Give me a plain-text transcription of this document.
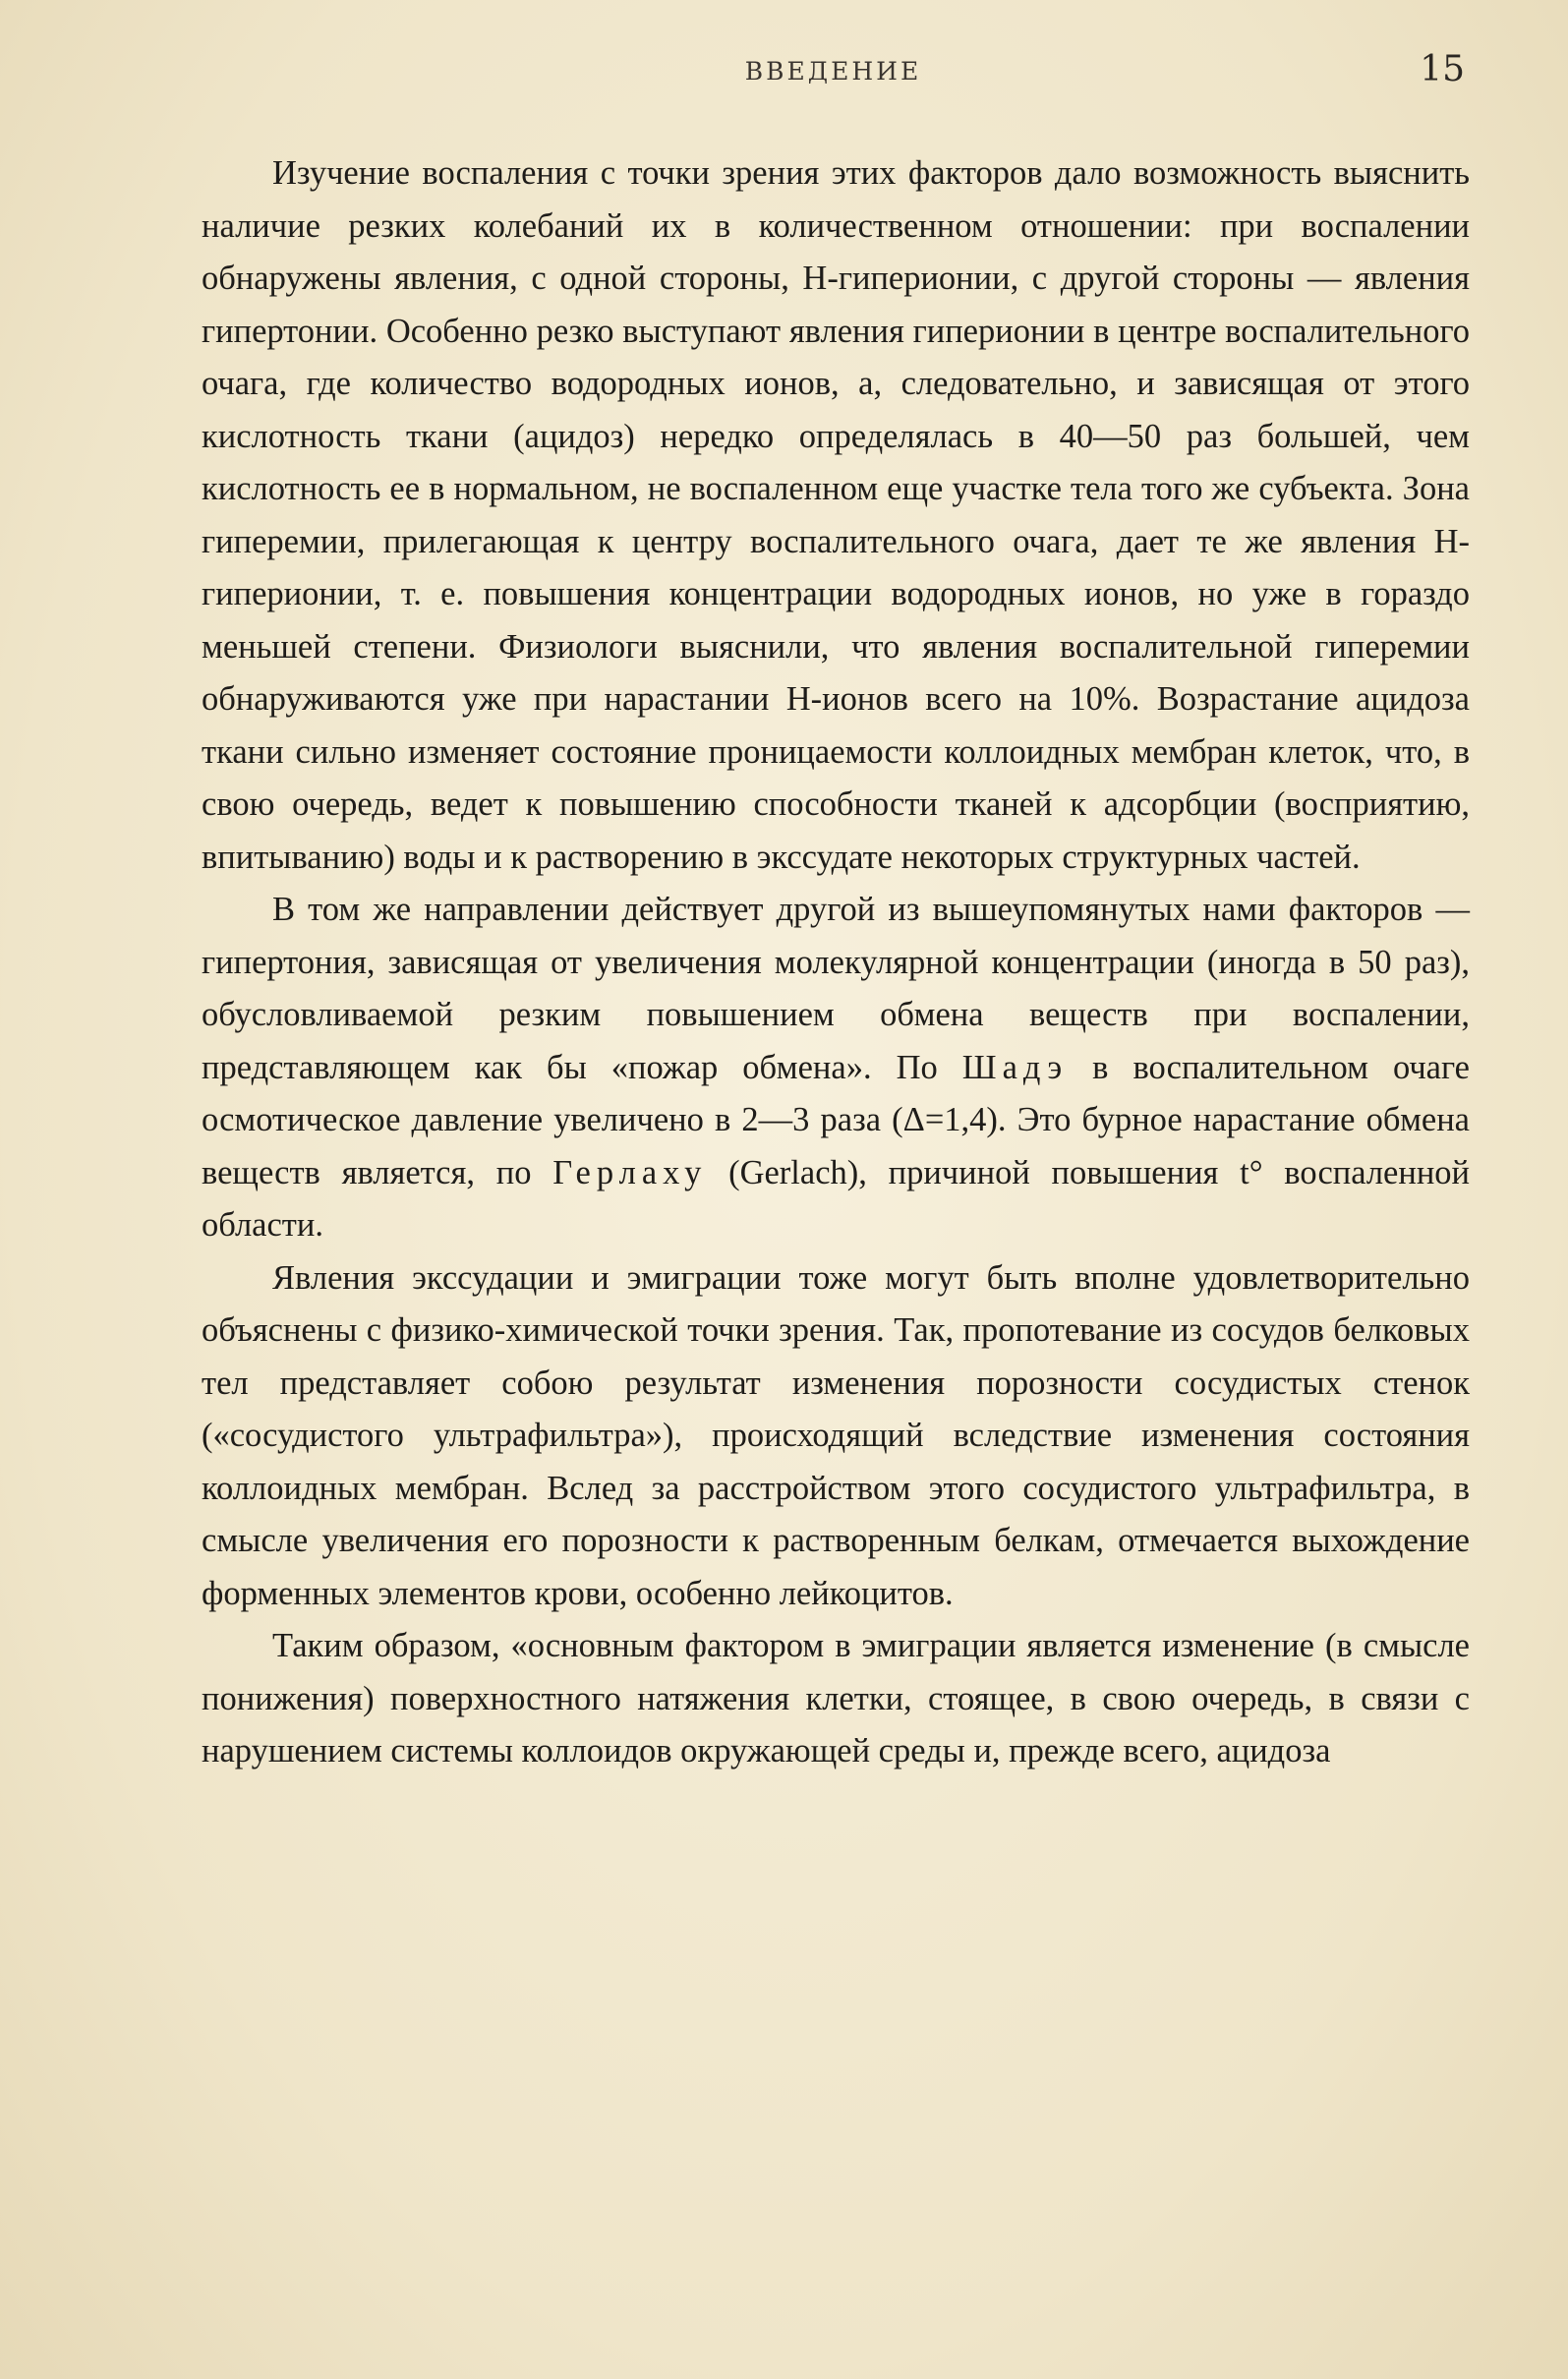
ВВЕДЕНИЕ	15

Изучение воспаления с точки зрения этих факторов дало возможность выяснить наличие резких колебаний их в количественном отношении: при воспалении обнаружены явления, с одной стороны, Н-гиперионии, с другой стороны — явления гипертонии. Особенно резко выступают явления гиперионии в центре воспалительного очага, где количество водородных ионов, а, следовательно, и зависящая от этого кислотность ткани (ацидоз) нередко определялась в 40—50 раз большей, чем кислотность ее в нормальном, не воспаленном еще участке тела того же субъекта. Зона гиперемии, прилегающая к центру воспалительного очага, дает те же явления Н-гиперионии, т. е. повышения концентрации водородных ионов, но уже в гораздо меньшей степени. Физиологи выяснили, что явления воспалительной гиперемии обнаруживаются уже при нарастании Н-ионов всего на 10%. Возрастание ацидоза ткани сильно изменяет состояние проницаемости коллоидных мембран клеток, что, в свою очередь, ведет к повышению способности тканей к адсорбции (восприятию, впитыванию) воды и к растворению в экссудате некоторых структурных частей.

В том же направлении действует другой из вышеупомянутых нами факторов — гипертония, зависящая от увеличения молекулярной концентрации (иногда в 50 раз), обусловливаемой резким повышением обмена веществ при воспалении, представляющем как бы «пожар обмена». По Шадэ в воспалительном очаге осмотическое давление увеличено в 2—3 раза (Δ=1,4). Это бурное нарастание обмена веществ является, по Герлаху (Gerlach), причиной повышения t° воспаленной области.

Явления экссудации и эмиграции тоже могут быть вполне удовлетворительно объяснены с физико-химической точки зрения. Так, пропотевание из сосудов белковых тел представляет собою результат изменения порозности сосудистых стенок («сосудистого ультрафильтра»), происходящий вследствие изменения состояния коллоидных мембран. Вслед за расстройством этого сосудистого ультрафильтра, в смысле увеличения его порозности к растворенным белкам, отмечается выхождение форменных элементов крови, особенно лейкоцитов.

Таким образом, «основным фактором в эмиграции является изменение (в смысле понижения) поверхностного натяжения клетки, стоящее, в свою очередь, в связи с нарушением системы коллоидов окружающей среды и, прежде всего, ацидоза
